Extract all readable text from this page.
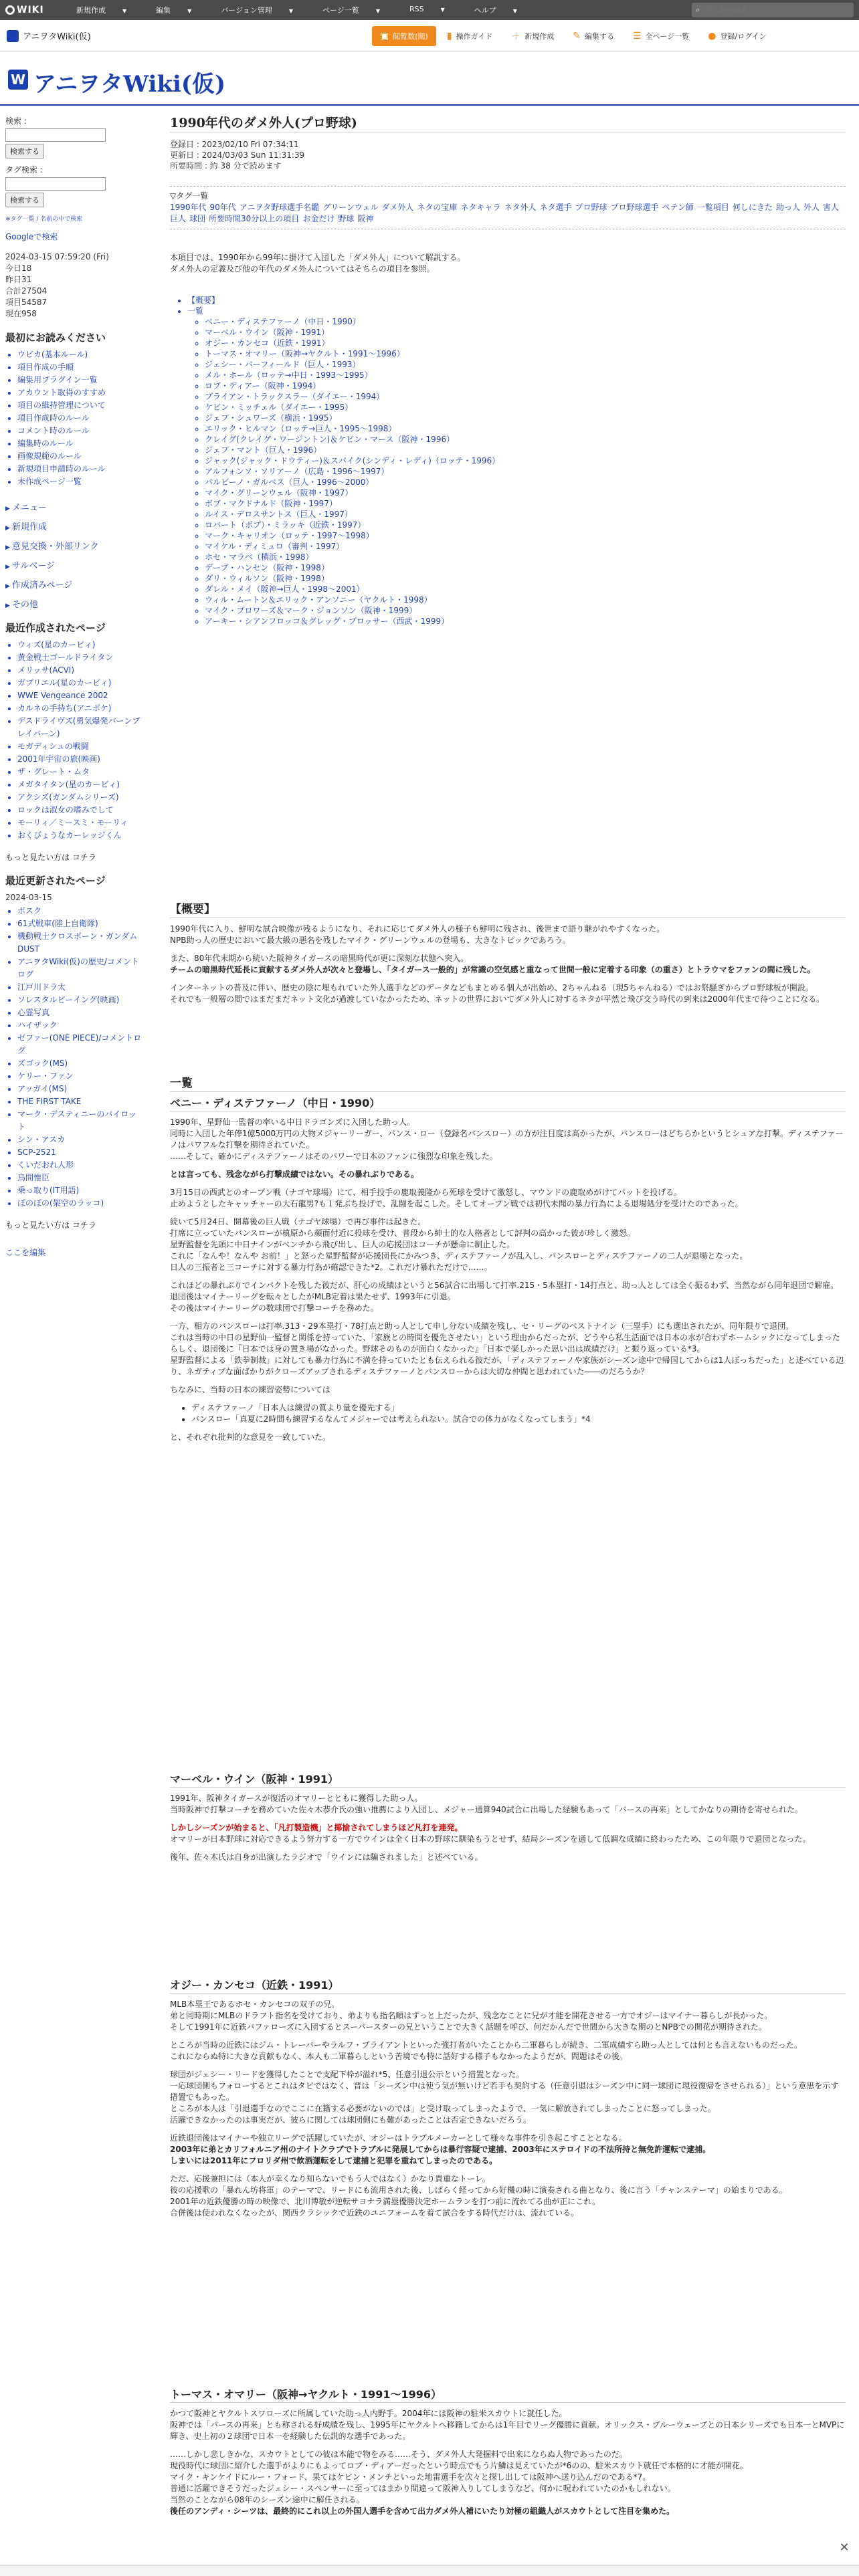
WIKI	新規作成	▼	編集	▼	バージョン管理	▼	ページ一覧	▼	RSS	▼	ヘルプ	▼	⌕
ウィキ内検索
アニヲタWiki(仮)	▣ 閲覧数(閲) ▮ 操作ガイド ＋ 新規作成 ✎ 編集する ☰ 全ページ一覧 ● 登録/ログイン
W アニヲタWiki(仮)
検索 :

検索する
タグ検索 :

検索する
※タグ一覧 / 名前の中で検索
Googleで検索
2024-03-15 07:59:20 (Fri)
今日18
昨日31
合計27504
項目54587
現在958
最初にお読みください
• ウビカ(基本ルール)
• 項目作成の手順
• 編集用プラグイン一覧
• アカウント取得のすすめ
• 項目の維持管理について
• 項目作成時のルール
• コメント時のルール
• 編集時のルール
• 画像規範のルール
• 新規項目申請時のルール
• 未作成ページ一覧
▶ メニュー
▶ 新規作成
▶ 意見交換・外部リンク
▶ サルベージ
▶ 作成済みページ
▶ その他
最近作成されたページ
• ウィズ(星のカービィ)
• 黄金戦士ゴールドライタン
• メリッサ(ACVI)
• ガブリエル(星のカービィ)
• WWE Vengeance 2002
• カルネの手持ち(アニポケ)
• デスドライヴズ(勇気爆発バーンブレイバーン)
• モガディシュの戦闘
• 2001年宇宙の旅(映画)
• ザ・グレート・ムタ
• メガタイタン(星のカービィ)
• アクシズ(ガンダムシリーズ)
• ロックは淑女の嗜みでして
• モーリィ／ミースミ・モーリィ
• おくびょうなカーレッジくん
もっと見たい方は コチラ
最近更新されたページ
2024-03-15
• ボスク
• 61式戦車(陸上自衛隊)
• 機動戦士クロスボーン・ガンダム DUST
• アニヲタWiki(仮)の歴史/コメントログ
• 江戸川ドラ太
• ソレスタルビーイング(映画)
• 心霊写真
• ハイザック
• ゼファー(ONE PIECE)/コメントログ
• ズゴック(MS)
• ケリー・ファン
• アッガイ(MS)
• THE FIRST TAKE
• マーク・デスティニーのパイロット
• シン・アスカ
• SCP-2521
• くいだおれ人形
• 烏間惟臣
• 乗っ取り(IT用語)
• ぼのぼの(架空のラッコ)
もっと見たい方は コチラ
ここを編集
1990年代のダメ外人(プロ野球)
登録日 : 2023/02/10 Fri 07:34:11
更新日 : 2024/03/03 Sun 11:31:39
所要時間 : 約 38 分で読めます
▽タグ一覧
1990年代 90年代 アニヲタ野球選手名鑑 グリーンウェル ダメ外人 ネタの宝庫 ネタキャラ ネタ外人 ネタ選手 プロ野球 プロ野球選手 ペテン師 一覧項目 何しにきた 助っ人 外人 害人巨人 球団 所要時間30分以上の項目 お金だけ 野球 阪神
本項目では、1990年から99年に掛けて入団した「ダメ外人」について解説する。
ダメ外人の定義及び他の年代のダメ外人についてはそちらの項目を参照。
• 【概要】
• 一覧
◦ ベニー・ディステファーノ（中日・1990）
◦ マーベル・ウイン（阪神・1991）
◦ オジー・カンセコ（近鉄・1991）
◦ トーマス・オマリー（阪神→ヤクルト・1991〜1996）
◦ ジェシー・バーフィールド（巨人・1993）
◦ メル・ホール（ロッテ→中日・1993〜1995）
◦ ロブ・ディアー（阪神・1994）
◦ ブライアン・トラックスラー（ダイエー・1994）
◦ ケビン・ミッチェル（ダイエー・1995）
◦ ジェフ・シュワーズ（横浜・1995）
◦ エリック・ヒルマン（ロッテ→巨人・1995〜1998）
◦ クレイグ(クレイグ・ワージントン)＆ケビン・マース（阪神・1996）
◦ ジェフ・マント（巨人・1996）
◦ ジャック(ジャック・ドウティー)＆スパイク(シンディ・レディ)（ロッテ・1996）
◦ アルフォンソ・ソリアーノ（広島・1996〜1997）
◦ バルビーノ・ガルベス（巨人・1996〜2000）
◦ マイク・グリーンウェル（阪神・1997）
◦ ボブ・マクドナルド（阪神・1997）
◦ ルイス・デロスサントス（巨人・1997）
◦ ロバート（ボブ）・ミラッキ（近鉄・1997）
◦ マーク・キャリオン（ロッテ・1997〜1998）
◦ マイケル・ディミュロ（審判・1997）
◦ ホセ・マラベ（横浜・1998）
◦ デーブ・ハンセン（阪神・1998）
◦ ダリ・ウィルソン（阪神・1998）
◦ ダレル・メイ（阪神→巨人・1998〜2001）
◦ ウィル・ムートン＆エリック・アンソニー（ヤクルト・1998）
◦ マイク・ブロワーズ＆マーク・ジョンソン（阪神・1999）
◦ アーキー・シアンフロッコ＆グレッグ・ブロッサー（西武・1999）
【概要】

1990年代に入り、鮮明な試合映像が残るようになり、それに応じてダメ外人の様子も鮮明に残され、後世まで語り継がれやすくなった。
NPB助っ人の歴史において最大級の悪名を残したマイク・グリーンウェルの登場も、大きなトピックであろう。

また、80年代末期から続いた阪神タイガースの暗黒時代が更に深刻な状態へ突入。
チームの暗黒時代延長に貢献するダメ外人が次々と登場し、「タイガース一般的」が常識の空気感と重なって世間一般に定着する印象（の重さ）とトラウマをファンの間に残した。

インターネットの普及に伴い、歴史の陰に埋もれていた外人選手などのデータなどもまとめる個人が出始め、2ちゃんねる（現5ちゃんねる）ではお祭騒ぎからプロ野球板が開設。
それでも一般層の間ではまだまだネット文化が過渡していなかったため、ネットの世界においてダメ外人に対するネタが平然と飛び交う時代の到来は2000年代まで待つことになる。

一覧
ベニー・ディステファーノ（中日・1990）

1990年、星野仙一監督の率いる中日ドラゴンズに入団した助っ人。
同時に入団した年俸1億5000万円の大物メジャーリーガー、バンス・ロー（登録名バンスロー）の方が注目度は高かったが、バンスローはどちらかというとシュアな打撃。ディステファーノはパワフルな打撃を期待されていた。
……そして、確かにディステファーノはそのパワーで日本のファンに強烈な印象を残した。

とは言っても、残念ながら打撃成績ではない。その暴れぶりである。

3月15日の西武とのオープン戦（ナゴヤ球場）にて、相手投手の鹿取義隆から死球を受けて激怒し、マウンドの鹿取めがけてバットを投げる。
止めようとしたキャッチャーの大石龍男?も１発ぶち投げで、乱闘を起こした。そしてオープン戦では初代未聞の暴力行為による退場処分を受けたのであった。

続いて5月24日、開幕後の巨人戦（ナゴヤ球場）で再び事件は起きた。
打席に立っていたバンスローが槙原から顔面付近に投球を受け、普段から紳士的な人格者として評判の高かった彼が珍しく激怒。
星野監督を先頭に中日ナインがベンチから飛び出し、巨人の応援団はコーチが懸命に制止した。
これに「なんや！なんや お前！」と怒った星野監督が応援団長にかみつき、ディステファーノが乱入し、バンスローとディステファーノの二人が退場となった。
日人の三振者と三コーチに対する暴力行為が確認できた*2。これだけ暴れただけで……。

これほどの暴れぶりでインパクトを残した彼だが、肝心の成績はというと56試合に出場して打率.215・5本塁打・14打点と、助っ人としては全く振るわず、当然ながら同年退団で解雇。
退団後はマイナーリーグを転々としたがMLB定着は果たせず、1993年に引退。
その後はマイナーリーグの数球団で打撃コーチを務めた。

一方、相方のバンスローは打率.313・29本塁打・78打点と助っ人として申し分ない成績を残し、セ・リーグのベストナイン（三塁手）にも選出されたが、同年限りで退団。
これは当時の中日の星野仙一監督と関係を持っていた、「家族との時間を優先させたい」という理由からだったが、どうやら私生活面では日本の水が合わずホームシックになってしまったらしく、退団後に『日本では身の置き場がなかった。野球そのものが面白くなかった』「日本で楽しかった思い出は成績だけ」と振り返っている*3。
星野監督による「鉄拳制裁」に対しても暴力行為に不満を持っていたとも伝えられる彼だが、「ディステファーノや家族がシーズン途中で帰国してからは1人ぼっちだった」と述べている辺り、ネガティブな面ばかりがクローズアップされるディステファーノとバンスローからは大切な仲間と思われていた――のだろうか？

ちなみに、当時の日本の練習姿勢については

• ディステファーノ「日本人は練習の質より量を優先する」
• バンスロー「真夏に2時間も練習するなんてメジャーでは考えられない。試合での体力がなくなってしまう」*4

と、それぞれ批判的な意見を一致していた。

マーベル・ウイン（阪神・1991）

1991年、阪神タイガースが復活のオマリーとともに獲得した助っ人。
当時阪神で打撃コーチを務めていた佐々木恭介氏の強い推薦により入団し、メジャー通算940試合に出場した経験もあって「バースの再来」としてかなりの期待を寄せられた。

しかしシーズンが始まると、「凡打製造機」と揶揄されてしまうほど凡打を連発。
オマリーが日本野球に対応できるよう努力する一方でウインは全く日本の野球に馴染もうとせず、結局シーズンを通して低調な成績に終わったため、この年限りで退団となった。

後年、佐々木氏は自身が出演したラジオで「ウインには騙されました」と述べている。

オジー・カンセコ（近鉄・1991）

MLB本塁王であるホセ・カンセコの双子の兄。
弟と同時期にMLBのドラフト指名を受けており、弟よりも指名順はずっと上だったが、残念なことに兄が才能を開花させる一方でオジーはマイナー暮らしが長かった。
そして1991年に近鉄バファローズに入団するとスーパースターの兄ということで大きく話題を呼び、何だかんだで世間から大きな期のとNPBでの開花が期待された。

ところが当時の近鉄にはジム・トレーバーやラルフ・ブライアントといった強打者がいたことから二軍暮らしが続き、二軍成績すら助っ人としては何とも言えないものだった。
これにならぬ特に大きな貢献もなく、本人も二軍暮らしという苦境でも特に話好する様子もなかったようだが、問題はその後。

球団がジェシー・リードを獲得したことで支配下枠が溢れ*5、任意引退公示という措置となった。
一応球団側もフォローするとこれはタピではなく、晋は「シーズン中は使う気が無いけど若手も契約する（任意引退はシーズン中に同一球団に現役復帰をさせられる）」という意思を示す措置でもあった。
ところが本人は「引退選手なのでここに在籍する必要がないのでは」と受け取ってしまったようで、一気に解放されてしまったことに怒ってしまった。
活躍できなかったのは事実だが、彼らに関しては球団側にも難があったことは否定できないだろう。

近鉄退団後はマイナーや独立リーグで活躍していたが、オジーはトラブルメーカーとして様々な事件を引き起こすこととなる。
2003年に弟とカリフォルニア州のナイトクラブでトラブルに発展してからは暴行容疑で逮捕、2003年にステロイドの不法所持と無免許運転で逮捕。
しまいには2011年にフロリダ州で飲酒運転をして逮捕と犯罪を重ねてしまったのである。

ただ、応援兼担には（本人が幸くなり知らないでもう人ではなく）かなり貴重なトーレ。
彼の応援歌の「暴れん坊将軍」のテーマで、リードにも流用された後、しばらく経ってから好機の時に演奏される曲となり、後に言う「チャンステーマ」の始まりである。
2001年の近鉄優勝の時の映像で、北川博敏が逆転サヨナラ満塁優勝決定ホームランを打つ前に流れてる曲が正にこれ。
合併後は使われなくなったが、関西クラシックで近鉄のユニフォームを着て試合をする時代だけは、流れている。

トーマス・オマリー（阪神→ヤクルト・1991〜1996）

かつて阪神とヤクルトスワローズに所属していた助っ人内野手。2004年には阪神の駐米スカウトに就任した。
阪神では「バースの再来」とも称される好成績を残し、1995年にヤクルトへ移籍してからは1年目でリーグ優勝に貢献。オリックス・ブルーウェーブとの日本シリーズでも日本一とMVPに輝き、史上初の２球団で日本一を経験した伝説的な選手であった。

……しかし悲しきかな、スカウトとしての彼は本能で物をみる……そう、ダメ外人大発掘料で出来にならぬ人物であったのだ。
現役時代に球団に紹介した選手がよりにもよってロブ・ディアーだったという時点でもう片鱗は見えていたが*6のの、駐米スカウト就任で本格的に才能が開花。
マイク・キンケイドにルー・フォード、果てはケビン・メンチといった地雷選手を次々と探し出しては阪神へ送り込んだのである*7。
普通に活躍できそうだったジェシー・スペンサーに至ってはまかり間違って阪神入りしてしまうなど、何かに呪われていたのかもしれない。
当然のことながら08年のシーズン途中に解任される。
後任のアンディ・シーツは、最終的にこれ以上の外国人選手を含めて出力ダメ外人補にいたり対極の組織人がスカウトとして注目を集めた。

✕
